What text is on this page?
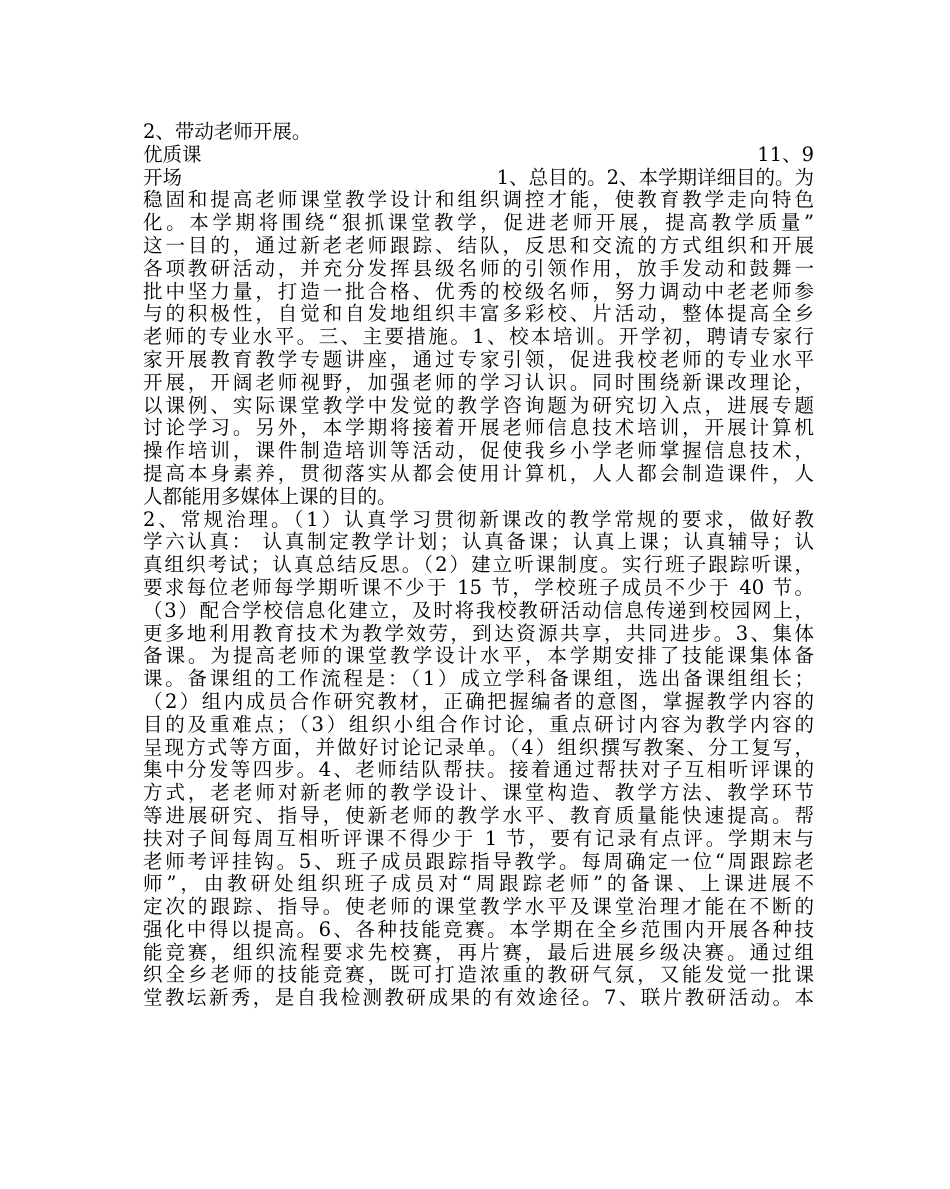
2、带动老师开展。
优质课	11、9
开场	1、总目的。2、本学期详细目的。为
稳固和提高老师课堂教学设计和组织调控才能，使教育教学走向特色
化。本学期将围绕“狠抓课堂教学，促进老师开展，提高教学质量”
这一目的，通过新老老师跟踪、结队，反思和交流的方式组织和开展
各项教研活动，并充分发挥县级名师的引领作用，放手发动和鼓舞一
批中坚力量，打造一批合格、优秀的校级名师，努力调动中老老师参
与的积极性，自觉和自发地组织丰富多彩校、片活动，整体提高全乡
老师的专业水平。三、主要措施。1、校本培训。开学初，聘请专家行
家开展教育教学专题讲座，通过专家引领，促进我校老师的专业水平
开展，开阔老师视野，加强老师的学习认识。同时围绕新课改理论，
以课例、实际课堂教学中发觉的教学咨询题为研究切入点，进展专题
讨论学习。另外，本学期将接着开展老师信息技术培训，开展计算机
操作培训，课件制造培训等活动，促使我乡小学老师掌握信息技术，
提高本身素养，贯彻落实从都会使用计算机，人人都会制造课件，人
人都能用多媒体上课的目的。
2、常规治理。（1）认真学习贯彻新课改的教学常规的要求，做好教
学六认真： 认真制定教学计划；认真备课；认真上课；认真辅导；认
真组织考试；认真总结反思。（2）建立听课制度。实行班子跟踪听课，
要求每位老师每学期听课不少于 15 节，学校班子成员不少于 40 节。
（3）配合学校信息化建立，及时将我校教研活动信息传递到校园网上，
更多地利用教育技术为教学效劳，到达资源共享，共同进步。3、集体
备课。为提高老师的课堂教学设计水平，本学期安排了技能课集体备
课。备课组的工作流程是：（1）成立学科备课组，选出备课组组长；
（2）组内成员合作研究教材，正确把握编者的意图，掌握教学内容的
目的及重难点；（3）组织小组合作讨论，重点研讨内容为教学内容的
呈现方式等方面，并做好讨论记录单。（4）组织撰写教案、分工复写，
集中分发等四步。4、老师结队帮扶。接着通过帮扶对子互相听评课的
方式，老老师对新老师的教学设计、课堂构造、教学方法、教学环节
等进展研究、指导，使新老师的教学水平、教育质量能快速提高。帮
扶对子间每周互相听评课不得少于 1 节，要有记录有点评。学期末与
老师考评挂钩。5、班子成员跟踪指导教学。每周确定一位“周跟踪老
师”，由教研处组织班子成员对“周跟踪老师”的备课、上课进展不
定次的跟踪、指导。使老师的课堂教学水平及课堂治理才能在不断的
强化中得以提高。6、各种技能竞赛。本学期在全乡范围内开展各种技
能竞赛，组织流程要求先校赛，再片赛，最后进展乡级决赛。通过组
织全乡老师的技能竞赛，既可打造浓重的教研气氛，又能发觉一批课
堂教坛新秀，是自我检测教研成果的有效途径。7、联片教研活动。本
